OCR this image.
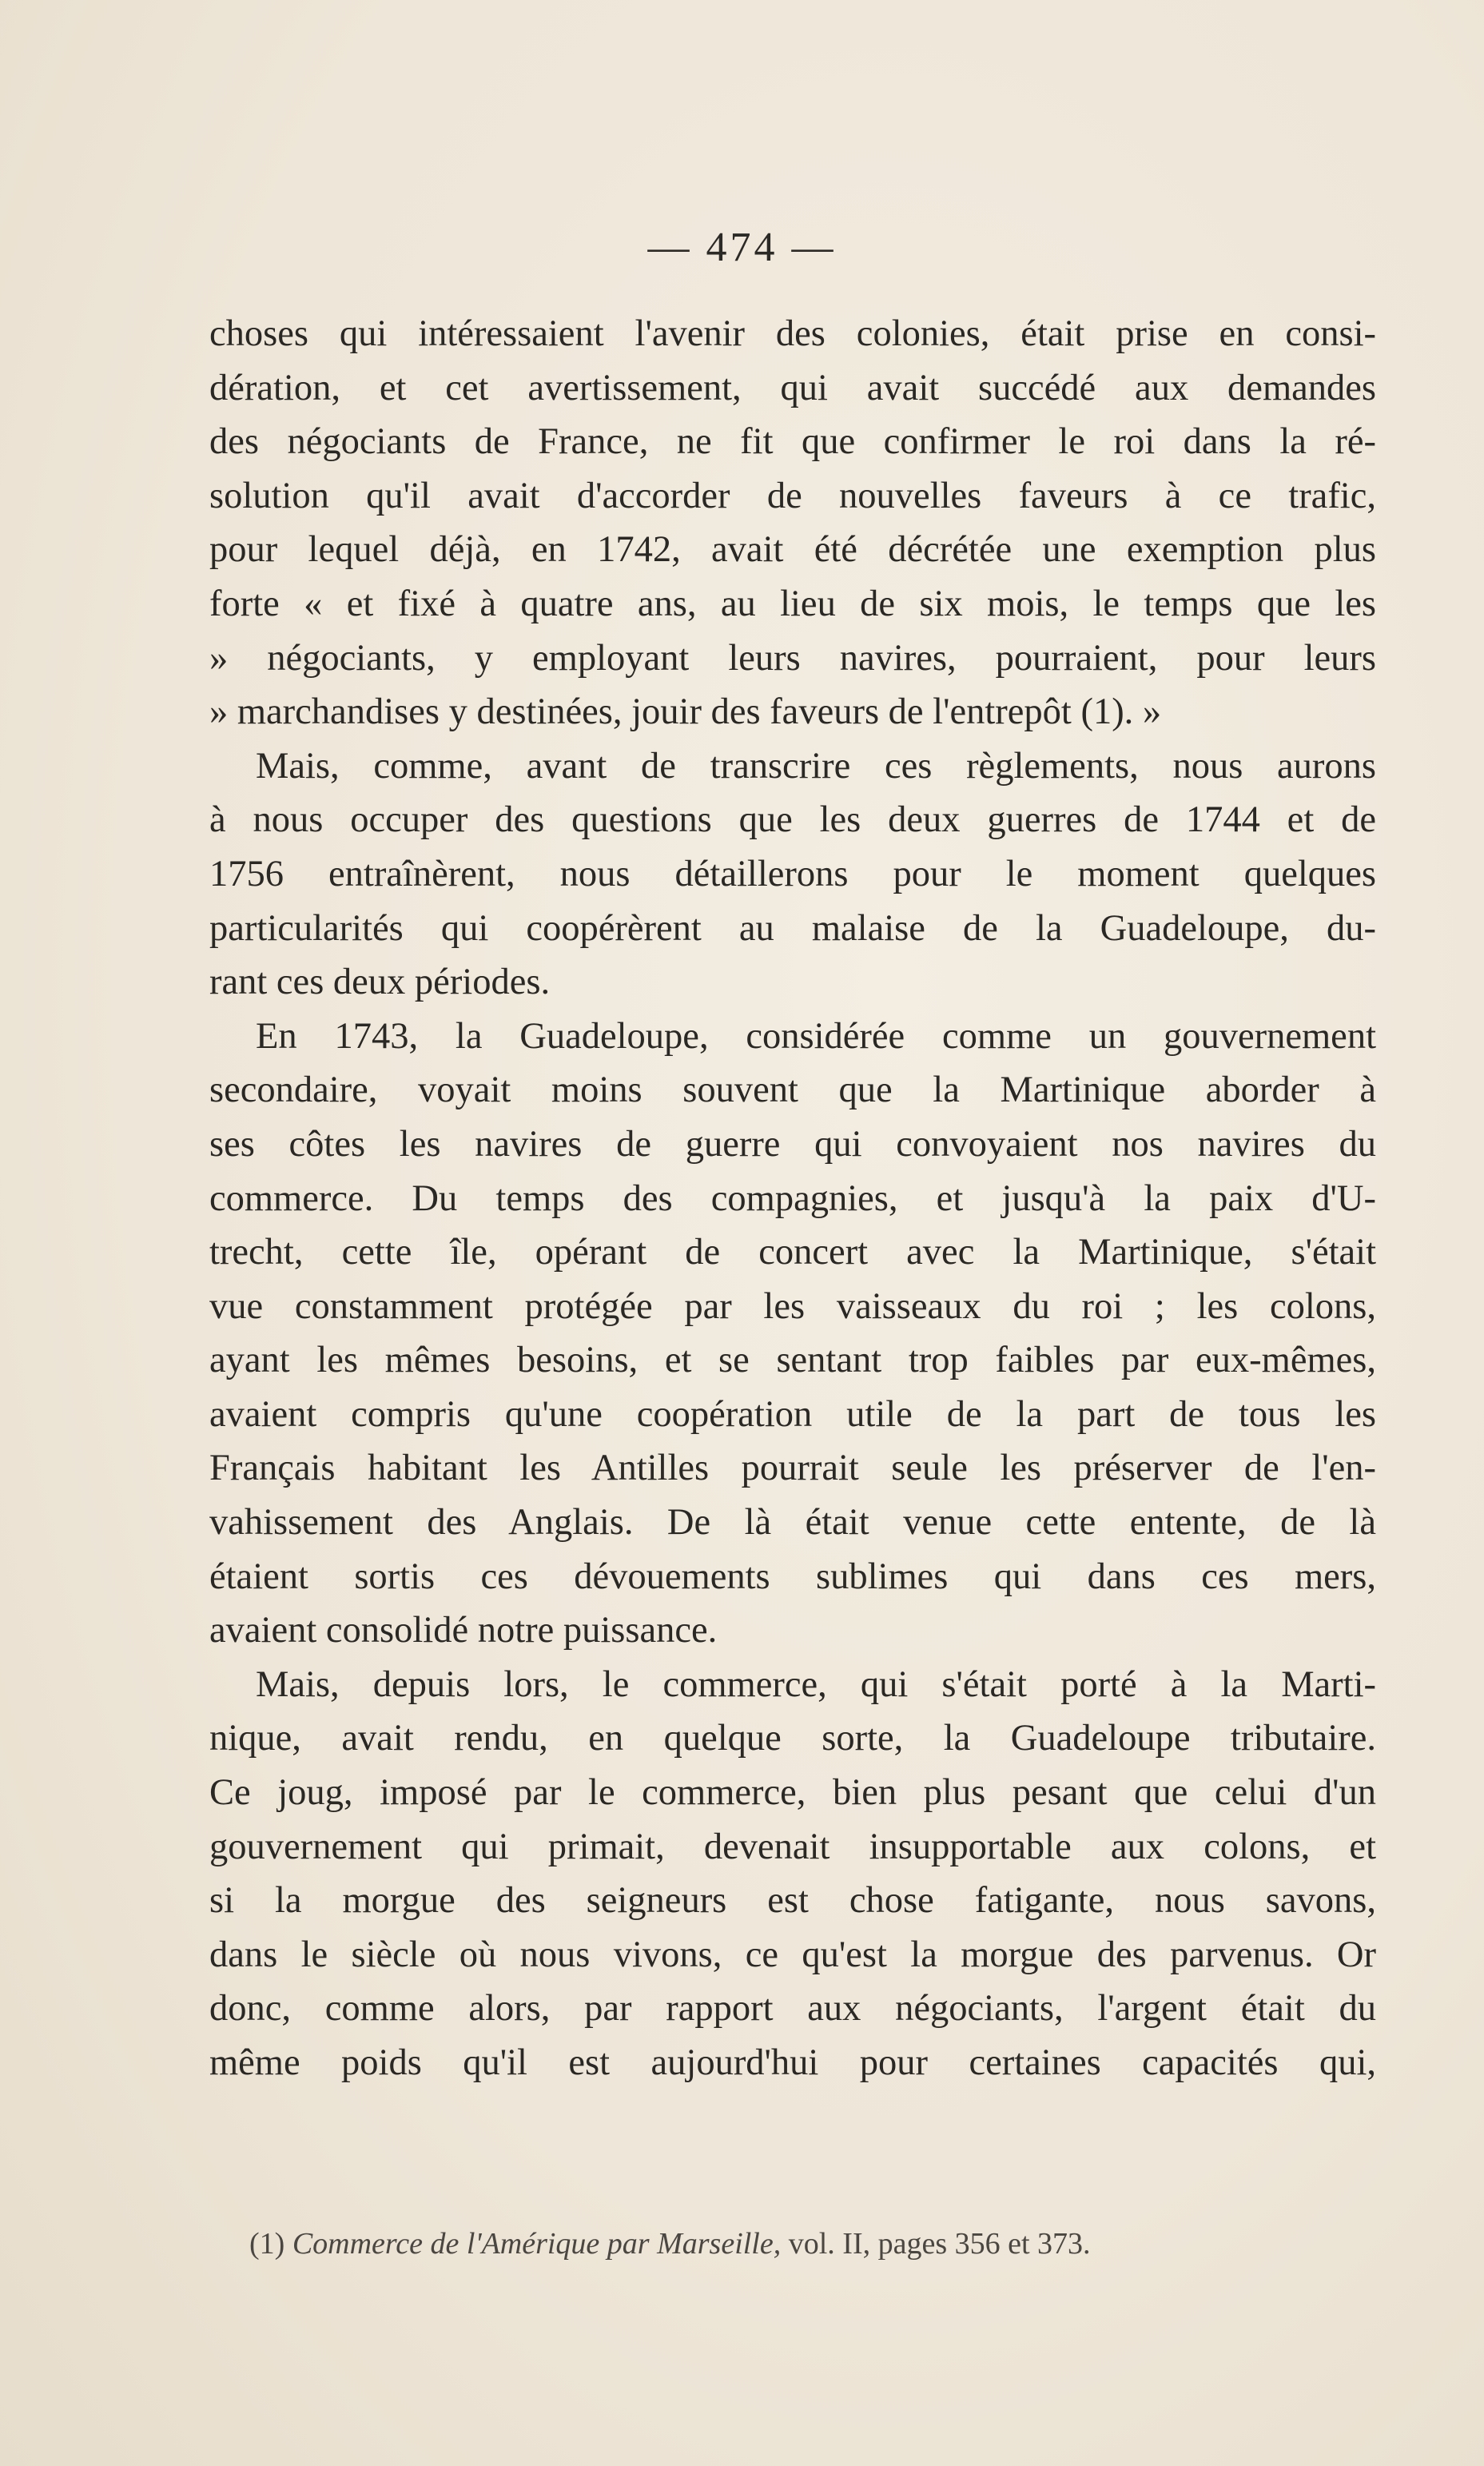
— 474 —
choses qui intéressaient l'avenir des colonies, était prise en consi-
dération, et cet avertissement, qui avait succédé aux demandes
des négociants de France, ne fit que confirmer le roi dans la ré-
solution qu'il avait d'accorder de nouvelles faveurs à ce trafic,
pour lequel déjà, en 1742, avait été décrétée une exemption plus
forte « et fixé à quatre ans, au lieu de six mois, le temps que les
» négociants, y employant leurs navires, pourraient, pour leurs
» marchandises y destinées, jouir des faveurs de l'entrepôt (1). »
Mais, comme, avant de transcrire ces règlements, nous aurons
à nous occuper des questions que les deux guerres de 1744 et de
1756 entraînèrent, nous détaillerons pour le moment quelques
particularités qui coopérèrent au malaise de la Guadeloupe, du-
rant ces deux périodes.
En 1743, la Guadeloupe, considérée comme un gouvernement
secondaire, voyait moins souvent que la Martinique aborder à
ses côtes les navires de guerre qui convoyaient nos navires du
commerce. Du temps des compagnies, et jusqu'à la paix d'U-
trecht, cette île, opérant de concert avec la Martinique, s'était
vue constamment protégée par les vaisseaux du roi ; les colons,
ayant les mêmes besoins, et se sentant trop faibles par eux-mêmes,
avaient compris qu'une coopération utile de la part de tous les
Français habitant les Antilles pourrait seule les préserver de l'en-
vahissement des Anglais. De là était venue cette entente, de là
étaient sortis ces dévouements sublimes qui dans ces mers,
avaient consolidé notre puissance.
Mais, depuis lors, le commerce, qui s'était porté à la Marti-
nique, avait rendu, en quelque sorte, la Guadeloupe tributaire.
Ce joug, imposé par le commerce, bien plus pesant que celui d'un
gouvernement qui primait, devenait insupportable aux colons, et
si la morgue des seigneurs est chose fatigante, nous savons,
dans le siècle où nous vivons, ce qu'est la morgue des parvenus. Or
donc, comme alors, par rapport aux négociants, l'argent était du
même poids qu'il est aujourd'hui pour certaines capacités qui,
(1) Commerce de l'Amérique par Marseille, vol. II, pages 356 et 373.
